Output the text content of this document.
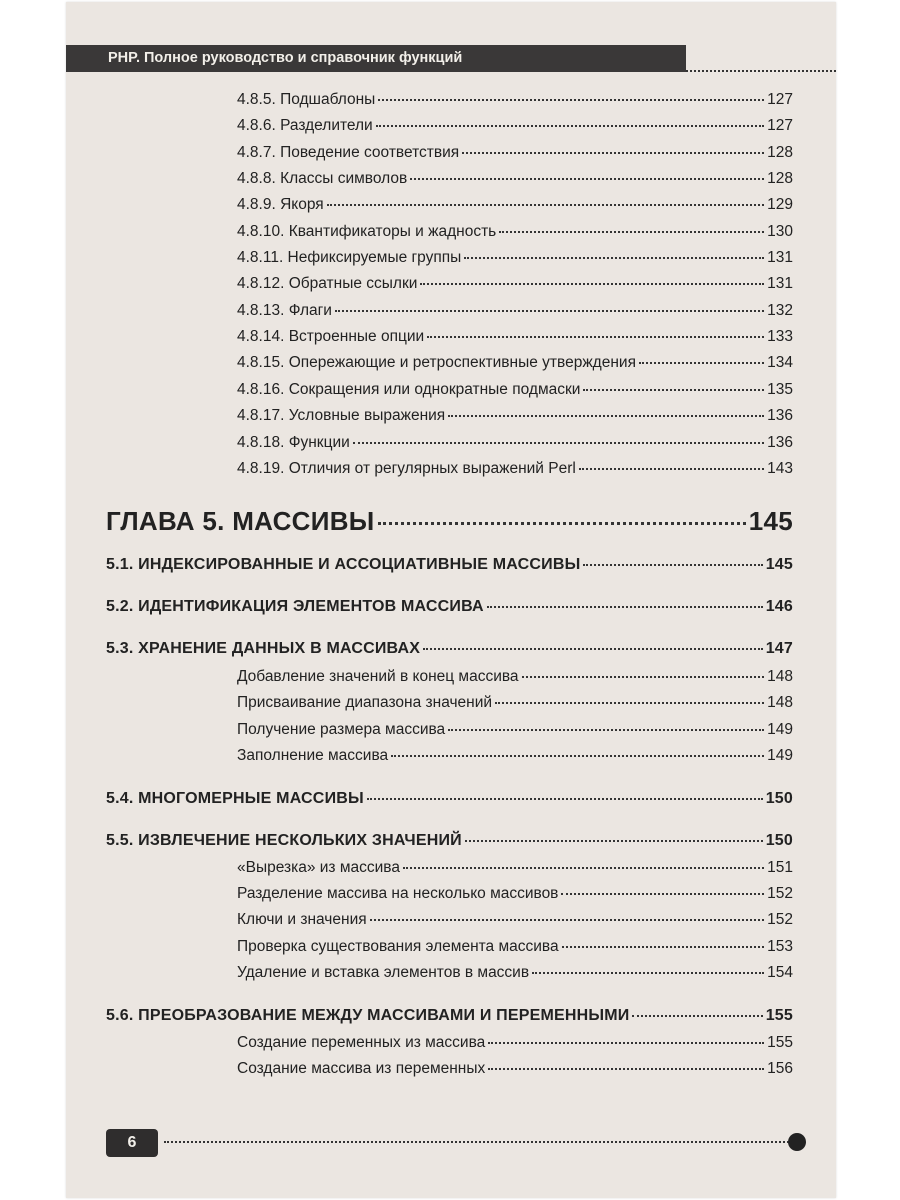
PHP. Полное руководство и справочник функций
4.8.5. Подшаблоны	127
4.8.6. Разделители	127
4.8.7. Поведение соответствия	128
4.8.8. Классы символов	128
4.8.9. Якоря	129
4.8.10. Квантификаторы и жадность	130
4.8.11. Нефиксируемые группы	131
4.8.12. Обратные ссылки	131
4.8.13. Флаги	132
4.8.14. Встроенные опции	133
4.8.15. Опережающие и ретроспективные утверждения	134
4.8.16. Сокращения или однократные подмаски	135
4.8.17. Условные выражения	136
4.8.18. Функции	136
4.8.19. Отличия от регулярных выражений Perl	143
ГЛАВА 5. МАССИВЫ	145
5.1. ИНДЕКСИРОВАННЫЕ И АССОЦИАТИВНЫЕ МАССИВЫ	145
5.2. ИДЕНТИФИКАЦИЯ ЭЛЕМЕНТОВ МАССИВА	146
5.3. ХРАНЕНИЕ ДАННЫХ В МАССИВАХ	147
Добавление значений в конец массива	148
Присваивание диапазона значений	148
Получение размера массива	149
Заполнение массива	149
5.4. МНОГОМЕРНЫЕ МАССИВЫ	150
5.5. ИЗВЛЕЧЕНИЕ НЕСКОЛЬКИХ ЗНАЧЕНИЙ	150
«Вырезка» из массива	151
Разделение массива на несколько массивов	152
Ключи и значения	152
Проверка существования элемента массива	153
Удаление и вставка элементов в массив	154
5.6. ПРЕОБРАЗОВАНИЕ МЕЖДУ МАССИВАМИ И ПЕРЕМЕННЫМИ	155
Создание переменных из массива	155
Создание массива из переменных	156
6
